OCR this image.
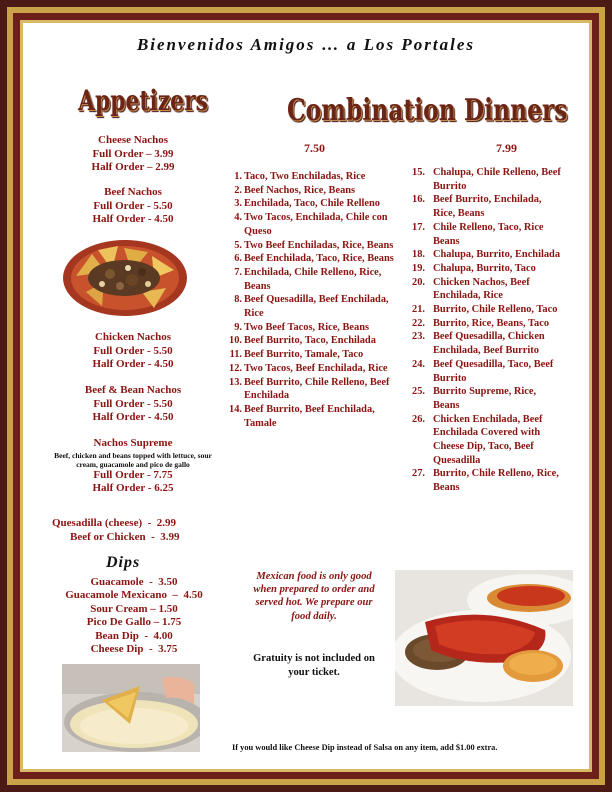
Bienvenidos Amigos … a Los Portales
Appetizers	Combination Dinners
Cheese Nachos
Full Order – 3.99
Half Order – 2.99
Beef Nachos
Full Order - 5.50
Half Order - 4.50
Chicken Nachos
Full Order - 5.50
Half Order - 4.50
Beef & Bean Nachos
Full Order - 5.50
Half Order - 4.50
Nachos Supreme
Beef, chicken and beans topped with lettuce, sour cream, guacamole and pico de gallo
Full Order - 7.75
Half Order - 6.25
Quesadilla (cheese)  -  2.99
Beef or Chicken  -  3.99
Dips
Guacamole  -  3.50
Guacamole Mexicano  –  4.50
Sour Cream – 1.50
Pico De Gallo – 1.75
Bean Dip  -  4.00
Cheese Dip  -  3.75
7.50	7.99
1. Taco, Two Enchiladas, Rice
2. Beef Nachos, Rice, Beans
3. Enchilada, Taco, Chile Relleno
4. Two Tacos, Enchilada, Chile con Queso
5. Two Beef Enchiladas, Rice, Beans
6. Beef Enchilada, Taco, Rice, Beans
7. Enchilada, Chile Relleno, Rice, Beans
8. Beef Quesadilla, Beef Enchilada, Rice
9. Two Beef Tacos, Rice, Beans
10. Beef Burrito, Taco, Enchilada
11. Beef Burrito, Tamale, Taco
12. Two Tacos, Beef Enchilada, Rice
13. Beef Burrito, Chile Relleno, Beef Enchilada
14. Beef Burrito, Beef Enchilada, Tamale
15. Chalupa, Chile Relleno, Beef Burrito
16. Beef Burrito, Enchilada, Rice, Beans
17. Chile Relleno, Taco, Rice Beans
18. Chalupa, Burrito, Enchilada
19. Chalupa, Burrito, Taco
20. Chicken Nachos, Beef Enchilada, Rice
21. Burrito, Chile Relleno, Taco
22. Burrito, Rice, Beans, Taco
23. Beef Quesadilla, Chicken Enchilada, Beef Burrito
24. Beef Quesadilla, Taco, Beef Burrito
25. Burrito Supreme, Rice, Beans
26. Chicken Enchilada, Beef Enchilada Covered with Cheese Dip, Taco, Beef Quesadilla
27. Burrito, Chile Relleno, Rice, Beans
Mexican food is only good when prepared to order and served hot. We prepare our food daily.
Gratuity is not included on your ticket.
If you would like Cheese Dip instead of Salsa on any item, add $1.00 extra.
